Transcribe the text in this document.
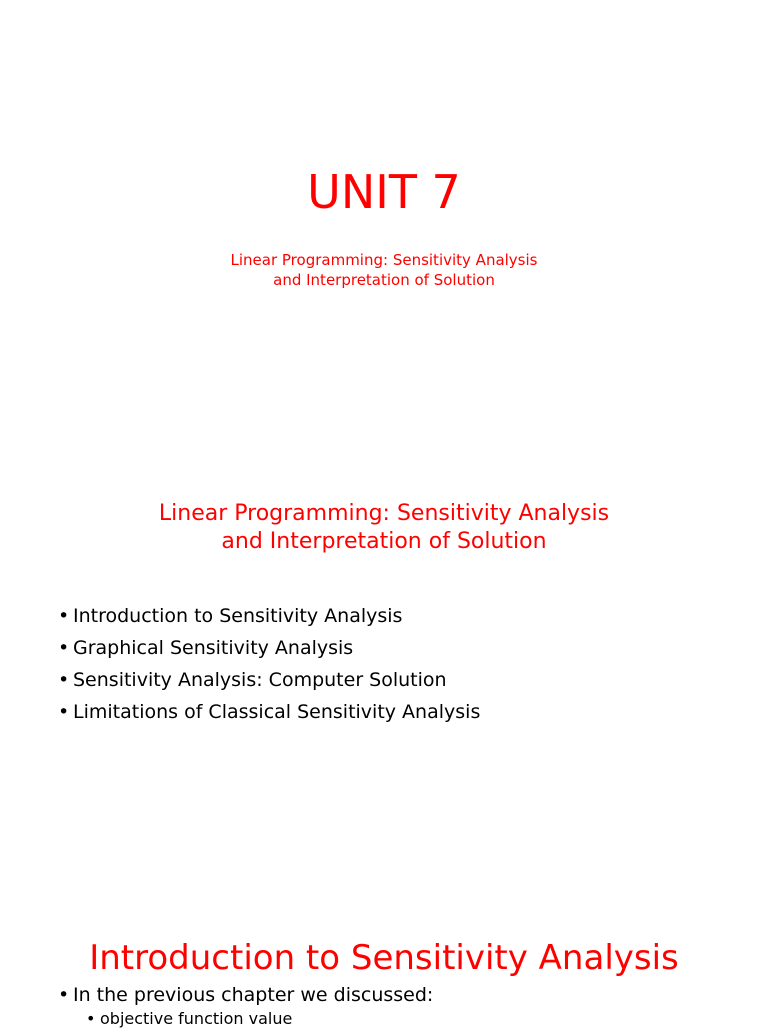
UNIT 7
Linear Programming: Sensitivity Analysis
and Interpretation of Solution
Linear Programming: Sensitivity Analysis
and Interpretation of Solution
• Introduction to Sensitivity Analysis
• Graphical Sensitivity Analysis
• Sensitivity Analysis: Computer Solution
• Limitations of Classical Sensitivity Analysis
Introduction to Sensitivity Analysis
• In the previous chapter we discussed:
• objective function value
